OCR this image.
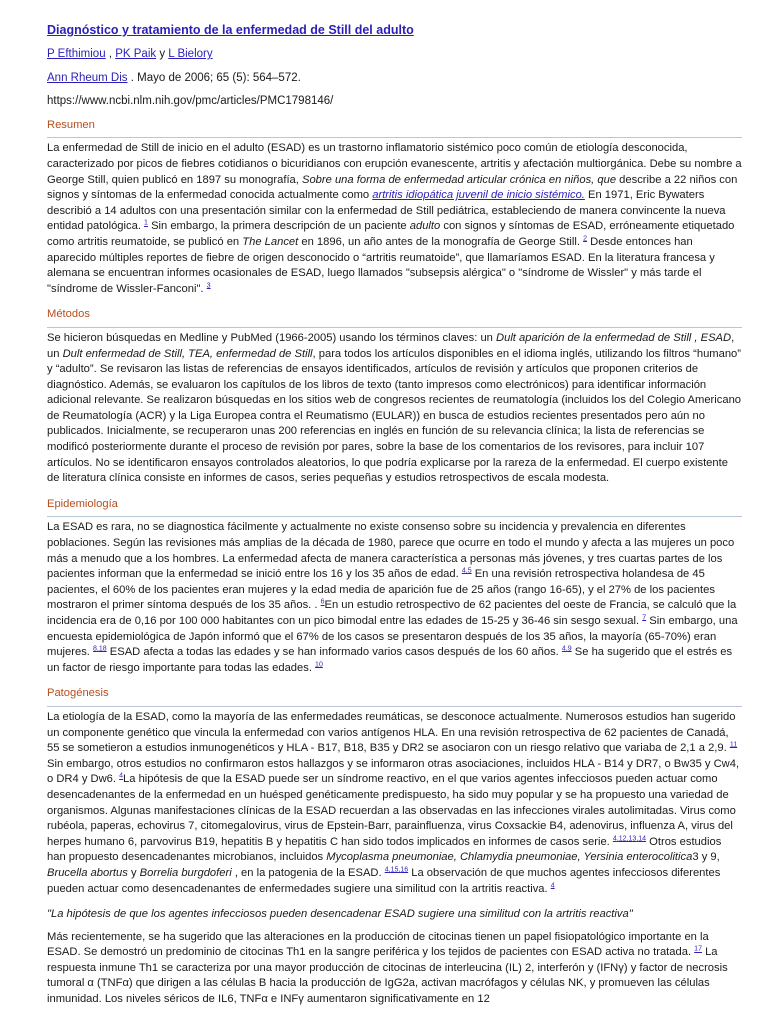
Diagnóstico y tratamiento de la enfermedad de Still del adulto
P Efthimiou , PK Paik y L Bielory
Ann Rheum Dis . Mayo de 2006; 65 (5): 564–572.
https://www.ncbi.nlm.nih.gov/pmc/articles/PMC1798146/
Resumen

La enfermedad de Still de inicio en el adulto (ESAD) es un trastorno inflamatorio sistémico poco común de etiología desconocida, caracterizado por picos de fiebres cotidianos o bicuridianos con erupción evanescente, artritis y afectación multiorgánica. Debe su nombre a George Still, quien publicó en 1897 su monografía, Sobre una forma de enfermedad articular crónica en niños, que describe a 22 niños con signos y síntomas de la enfermedad conocida actualmente como artritis idiopática juvenil de inicio sistémico. En 1971, Eric Bywaters describió a 14 adultos con una presentación similar con la enfermedad de Still pediátrica, estableciendo de manera convincente la nueva entidad patológica. $^1$ Sin embargo, la primera descripción de un paciente adulto con signos y síntomas de ESAD, erróneamente etiquetado como artritis reumatoide, se publicó en The Lancet en 1896, un año antes de la monografía de George Still. $^2$ Desde entonces han aparecido múltiples reportes de fiebre de origen desconocido o “artritis reumatoide”, que llamaríamos ESAD. En la literatura francesa y alemana se encuentran informes ocasionales de ESAD, luego llamados "subsepsis alérgica" o "síndrome de Wissler" y más tarde el "síndrome de Wissler-Fanconi". $^3$

Métodos

Se hicieron búsquedas en Medline y PubMed (1966-2005) usando los términos claves: un Dult aparición de la enfermedad de Still , ESAD, un Dult enfermedad de Still, TEA, enfermedad de Still, para todos los artículos disponibles en el idioma inglés, utilizando los filtros “humano” y “adulto”. Se revisaron las listas de referencias de ensayos identificados, artículos de revisión y artículos que proponen criterios de diagnóstico. Además, se evaluaron los capítulos de los libros de texto (tanto impresos como electrónicos) para identificar información adicional relevante. Se realizaron búsquedas en los sitios web de congresos recientes de reumatología (incluidos los del Colegio Americano de Reumatología (ACR) y la Liga Europea contra el Reumatismo (EULAR)) en busca de estudios recientes presentados pero aún no publicados. Inicialmente, se recuperaron unas 200 referencias en inglés en función de su relevancia clínica; la lista de referencias se modificó posteriormente durante el proceso de revisión por pares, sobre la base de los comentarios de los revisores, para incluir 107 artículos. No se identificaron ensayos controlados aleatorios, lo que podría explicarse por la rareza de la enfermedad. El cuerpo existente de literatura clínica consiste en informes de casos, series pequeñas y estudios retrospectivos de escala modesta.

Epidemiología

La ESAD es rara, no se diagnostica fácilmente y actualmente no existe consenso sobre su incidencia y prevalencia en diferentes poblaciones. Según las revisiones más amplias de la década de 1980, parece que ocurre en todo el mundo y afecta a las mujeres un poco más a menudo que a los hombres. La enfermedad afecta de manera característica a personas más jóvenes, y tres cuartas partes de los pacientes informan que la enfermedad se inició entre los 16 y los 35 años de edad. $^{4,5}$ En una revisión retrospectiva holandesa de 45 pacientes, el 60% de los pacientes eran mujeres y la edad media de aparición fue de 25 años (rango 16-65), y el 27% de los pacientes mostraron el primer síntoma después de los 35 años. . $^6$En un estudio retrospectivo de 62 pacientes del oeste de Francia, se calculó que la incidencia era de 0,16 por 100 000 habitantes con un pico bimodal entre las edades de 15-25 y 36-46 sin sesgo sexual. $^7$ Sin embargo, una encuesta epidemiológica de Japón informó que el 67% de los casos se presentaron después de los 35 años, la mayoría (65-70%) eran mujeres. $^{8,18}$ ESAD afecta a todas las edades y se han informado varios casos después de los 60 años. $^{4,9}$ Se ha sugerido que el estrés es un factor de riesgo importante para todas las edades. $^{10}$

Patogénesis

La etiología de la ESAD, como la mayoría de las enfermedades reumáticas, se desconoce actualmente. Numerosos estudios han sugerido un componente genético que vincula la enfermedad con varios antígenos HLA. En una revisión retrospectiva de 62 pacientes de Canadá, 55 se sometieron a estudios inmunogenéticos y HLA - B17, B18, B35 y DR2 se asociaron con un riesgo relativo que variaba de 2,1 a 2,9. $^{11}$ Sin embargo, otros estudios no confirmaron estos hallazgos y se informaron otras asociaciones, incluidos HLA - B14 y DR7, o Bw35 y Cw4, o DR4 y Dw6. $^4$La hipótesis de que la ESAD puede ser un síndrome reactivo, en el que varios agentes infecciosos pueden actuar como desencadenantes de la enfermedad en un huésped genéticamente predispuesto, ha sido muy popular y se ha propuesto una variedad de organismos. Algunas manifestaciones clínicas de la ESAD recuerdan a las observadas en las infecciones virales autolimitadas. Virus como rubéola, paperas, echovirus 7, citomegalovirus, virus de Epstein-Barr, parainfluenza, virus Coxsackie B4, adenovirus, influenza A, virus del herpes humano 6, parvovirus B19, hepatitis B y hepatitis C han sido todos implicados en informes de casos serie. $^{4,12,13,14}$ Otros estudios han propuesto desencadenantes microbianos, incluidos Mycoplasma pneumoniae, Chlamydia pneumoniae, Yersinia enterocolitica3 y 9, Brucella abortus y Borrelia burgdoferi , en la patogenia de la ESAD. $^{4,15,16}$ La observación de que muchos agentes infecciosos diferentes pueden actuar como desencadenantes de enfermedades sugiere una similitud con la artritis reactiva. $^4$

"La hipótesis de que los agentes infecciosos pueden desencadenar ESAD sugiere una similitud con la artritis reactiva"

Más recientemente, se ha sugerido que las alteraciones en la producción de citocinas tienen un papel fisiopatológico importante en la ESAD. Se demostró un predominio de citocinas Th1 en la sangre periférica y los tejidos de pacientes con ESAD activa no tratada. $^{17}$ La respuesta inmune Th1 se caracteriza por una mayor producción de citocinas de interleucina (IL) 2, interferón y (IFNγ) y factor de necrosis tumoral α (TNFα) que dirigen a las células B hacia la producción de IgG2a, activan macrófagos y células NK, y promueven las células inmunidad. Los niveles séricos de IL6, TNFα e INFγ aumentaron significativamente en 12
